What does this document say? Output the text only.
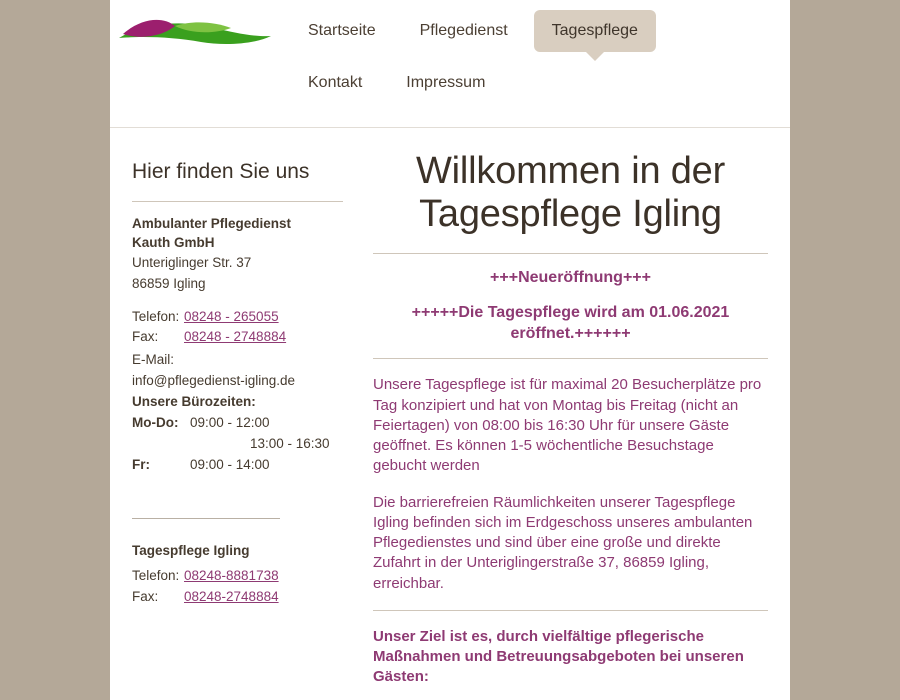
Startseite	Pflegedienst	Tagespflege
Kontakt	Impressum
Hier finden Sie uns
Ambulanter Pflegedienst
Kauth GmbH
Unteriglinger Str. 37
86859 Igling
Telefon: 08248 - 265055
Fax:	08248 - 2748884
E-Mail:
info@pflegedienst-igling.de
Unsere Bürozeiten:
Mo-Do: 09:00 - 12:00
13:00 - 16:30
Fr:	09:00 - 14:00
Tagespflege Igling
Telefon: 08248-8881738
Fax:	08248-2748884
Willkommen in der Tagespflege Igling
+++Neueröffnung+++
+++++Die Tagespflege wird am 01.06.2021 eröffnet.++++++

Unsere Tagespflege ist für maximal 20 Besucherplätze pro Tag konzipiert und hat von Montag bis Freitag (nicht an Feiertagen) von 08:00 bis 16:30 Uhr für unsere Gäste geöffnet. Es können 1-5 wöchentliche Besuchstage gebucht werden

Die barrierefreien Räumlichkeiten unserer Tagespflege Igling befinden sich im Erdgeschoss unseres ambulanten Pflegedienstes und sind über eine große und direkte Zufahrt in der Unteriglingerstraße 37, 86859 Igling, erreichbar.

Unser Ziel ist es, durch vielfältige pflegerische Maßnahmen und Betreuungsabgeboten bei unseren Gästen:
